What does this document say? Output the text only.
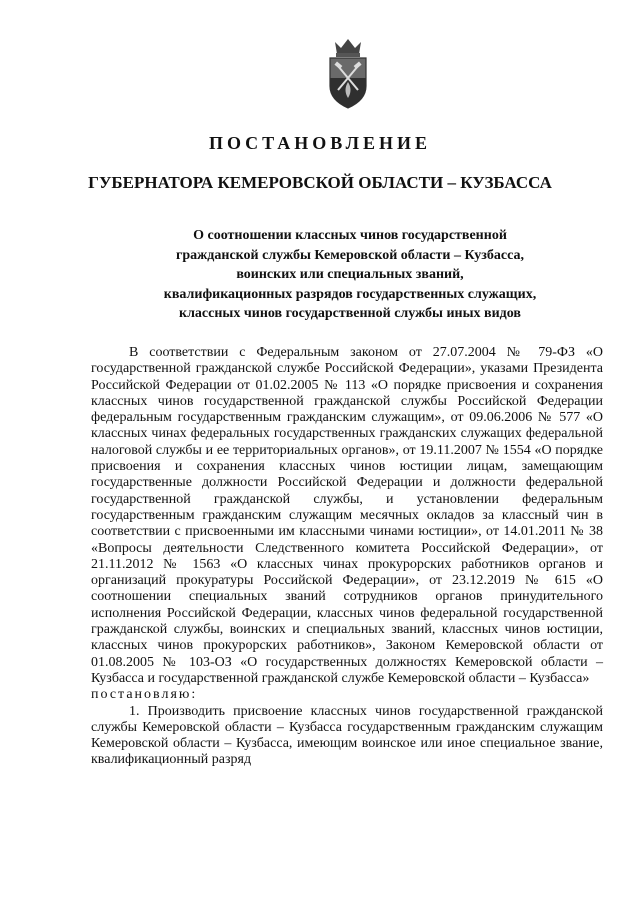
ПОСТАНОВЛЕНИЕ
ГУБЕРНАТОРА КЕМЕРОВСКОЙ ОБЛАСТИ – КУЗБАССА
О соотношении классных чинов государственной
гражданской службы Кемеровской области – Кузбасса,
воинских или специальных званий,
квалификационных разрядов государственных служащих,
классных чинов государственной службы иных видов

В соответствии с Федеральным законом от 27.07.2004 № 79-ФЗ «О государственной гражданской службе Российской Федерации», указами Президента Российской Федерации от 01.02.2005 № 113 «О порядке присвоения и сохранения классных чинов государственной гражданской службы Российской Федерации федеральным государственным гражданским служащим», от 09.06.2006 № 577 «О классных чинах федеральных государственных гражданских служащих федеральной налоговой службы и ее территориальных органов», от 19.11.2007 № 1554 «О порядке присвоения и сохранения классных чинов юстиции лицам, замещающим государственные должности Российской Федерации и должности федеральной государственной гражданской службы, и установлении федеральным государственным гражданским служащим месячных окладов за классный чин в соответствии с присвоенными им классными чинами юстиции», от 14.01.2011 № 38 «Вопросы деятельности Следственного комитета Российской Федерации», от 21.11.2012 № 1563 «О классных чинах прокурорских работников органов и организаций прокуратуры Российской Федерации», от 23.12.2019 № 615 «О соотношении специальных званий сотрудников органов принудительного исполнения Российской Федерации, классных чинов федеральной государственной гражданской службы, воинских и специальных званий, классных чинов юстиции, классных чинов прокурорских работников», Законом Кемеровской области от 01.08.2005 № 103-ОЗ «О государственных должностях Кемеровской области – Кузбасса и государственной гражданской службе Кемеровской области – Кузбасса»

постановляю:

1. Производить присвоение классных чинов государственной гражданской службы Кемеровской области – Кузбасса государственным гражданским служащим Кемеровской области – Кузбасса, имеющим воинское или иное специальное звание, квалификационный разряд
